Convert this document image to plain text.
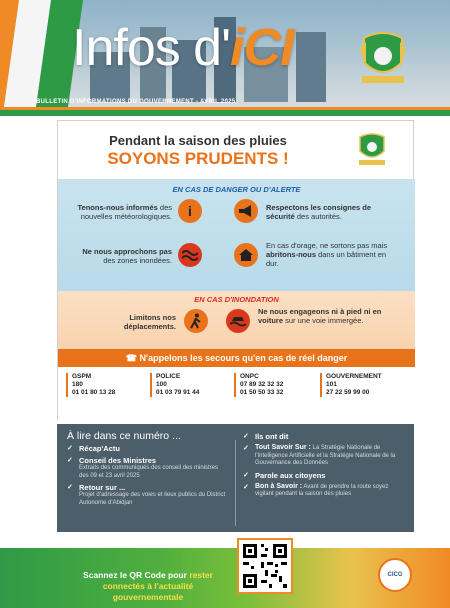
Infos d'iCI
BULLETIN D'INFORMATIONS DU GOUVERNEMENT - AVRIL 2025
Pendant la saison des pluies
SOYONS PRUDENTS !
EN CAS DE DANGER OU D'ALERTE
Tenons-nous informés des nouvelles météorologiques.	i	Respectons les consignes de sécurité des autorités.
Ne nous approchons pas des zones inondées.
En cas d'orage, ne sortons pas mais abritons-nous dans un bâtiment en dur.
EN CAS D'INONDATION
Limitons nos déplacements.
Ne nous engageons ni à pied ni en voiture sur une voie immergée.
☎ N'appelons les secours qu'en cas de réel danger
GSPM
180
01 01 80 13 28
POLICE
100
01 03 79 91 44
ONPC
07 89 32 32 32
01 50 50 33 32
GOUVERNEMENT
101
27 22 59 99 00
À lire dans ce numéro ...
✓ Récap'Actu
✓ Conseil des Ministres
Extraits des communiqués des conseil des ministres des 09 et 23 avril 2025
✓ Retour sur ...
Projet d'adressage des voies et lieux publics du District Autonome d'Abidjan
✓ Ils ont dit
✓ Tout Savoir Sur : La Stratégie Nationale de l'Intelligence Artificielle et la Stratégie Nationale de la Gouvernance des Données
✓ Parole aux citoyens
✓ Bon à Savoir : Avant de prendre la route soyez vigilant pendant la saison des pluies
Scannez le QR Code pour rester connectés à l'actualité gouvernementale
CICG
